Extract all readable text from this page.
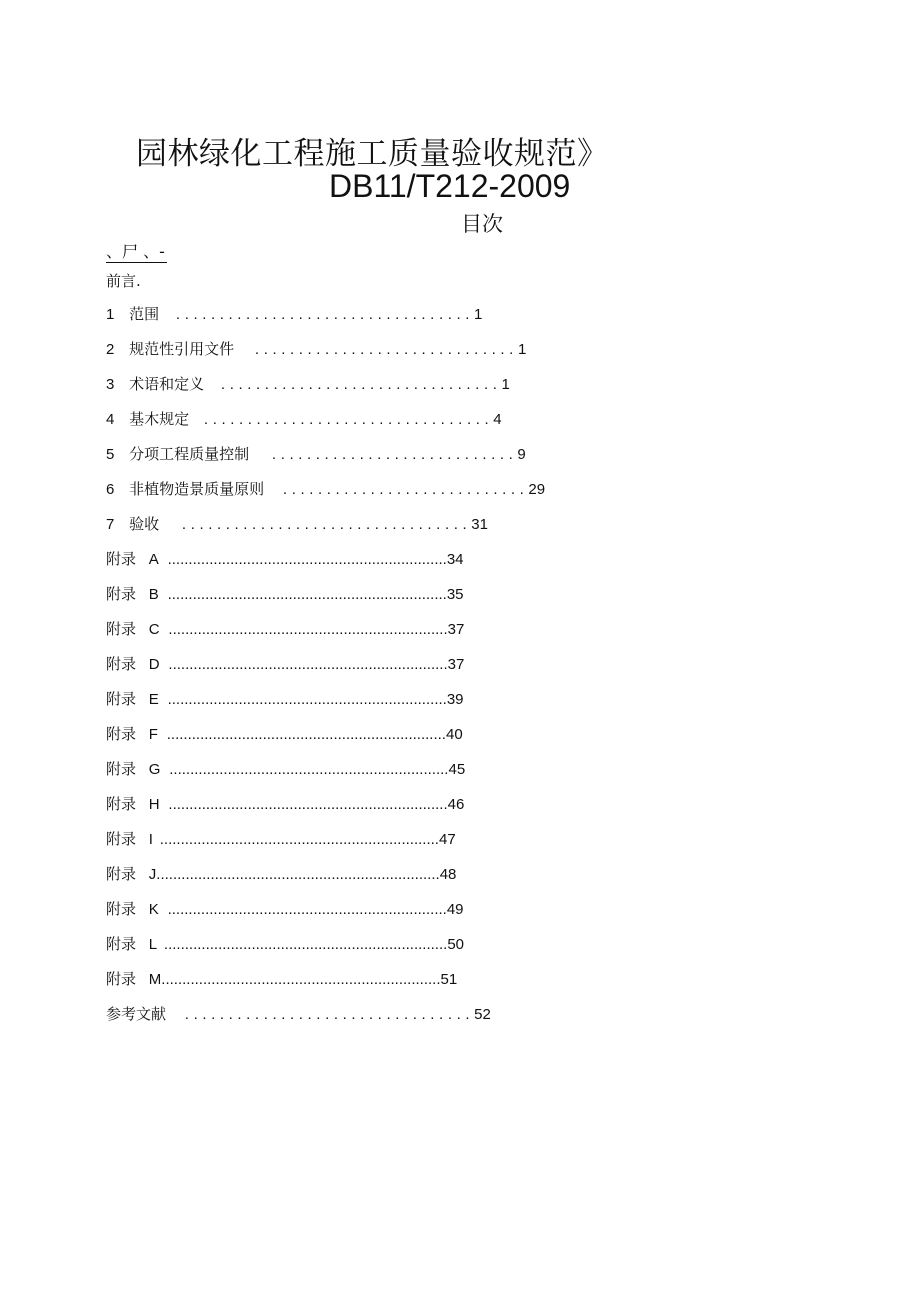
园林绿化工程施工质量验收规范》
DB11/T212-2009
目次
、尸 、-
前言.
1 范围 ..................................1
2 规范性引用文件 ..............................1
3 术语和定义 ................................1
4 基木规定 .................................4
5 分项工程质量控制 ............................9
6 非植物造景质量原则 ............................29
7 验收 .................................31
附录 A ...................................................................34
附录 B ...................................................................35
附录 C ...................................................................37
附录 D ...................................................................37
附录 E ...................................................................39
附录 F ...................................................................40
附录 G ...................................................................45
附录 H ...................................................................46
附录 I ...................................................................47
附录 J....................................................................48
附录 K ...................................................................49
附录 L ....................................................................50
附录 M...................................................................51
参考文献 .................................52
